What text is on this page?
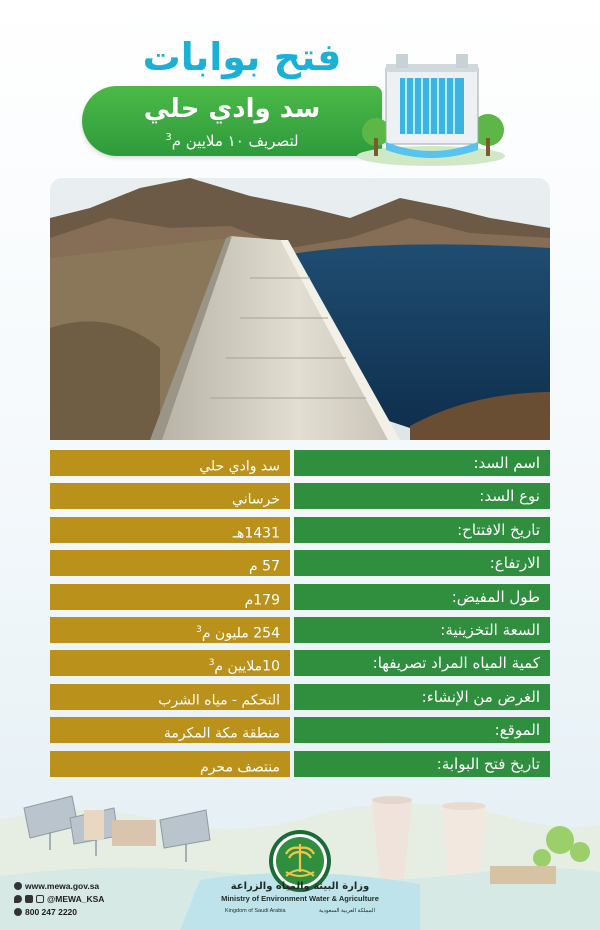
فتح بوابات
سد وادي حلي
لتصريف ١٠ ملايين م$^3$
سد وادي حلي	اسم السد:
خرساني	نوع السد:
1431هـ	تاريخ الافتتاح:
57 م	الارتفاع:
179م	طول المفيض:
254 مليون م$^3$	السعة التخزينية:
10ملايين م$^3$	كمية المياه المراد تصريفها:
التحكم - مياه الشرب	الغرض من الإنشاء:
منطقة مكة المكرمة	الموقع:
منتصف محرم	تاريخ فتح البوابة:
وزارة البيئة والمياه والزراعة
Ministry of Environment Water & Agriculture
Kingdom of Saudi Arabia	المملكة العربية السعودية
www.mewa.gov.sa
@MEWA_KSA
800 247 2220
